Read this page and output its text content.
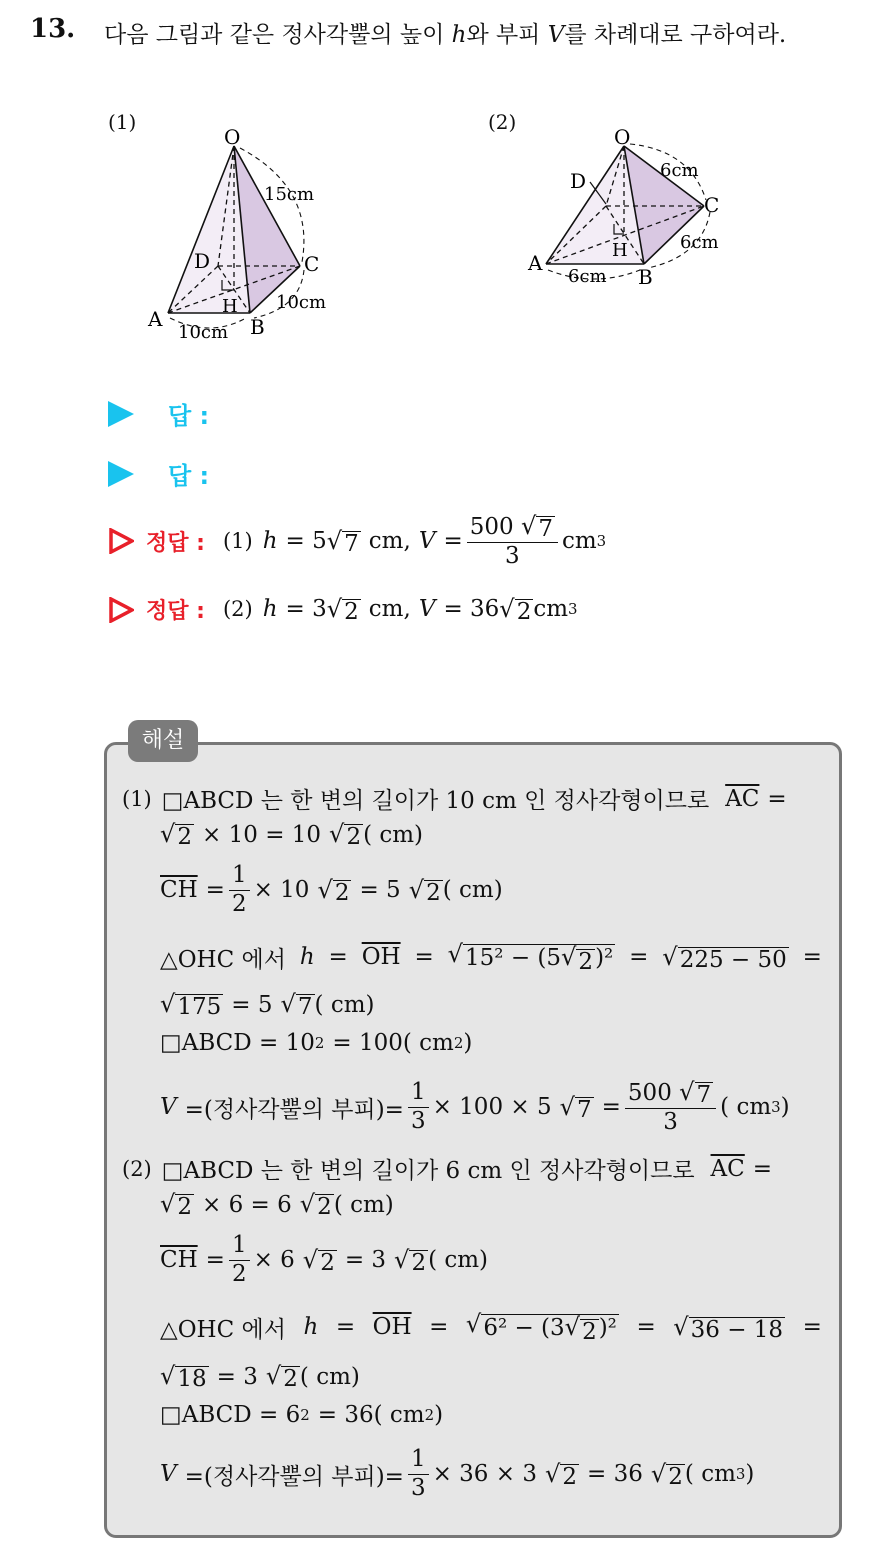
13. 다음 그림과 같은 정사각뿔의 높이 h와 부피 V를 차례대로 구하여라.
(1)
O
A	B
C
D
H
15cm
10cm
10cm
(2)
O
A
B
C
D
H
6cm
6cm
6cm
답 :
답 :
정답 : (1) h = 5 √ 7 cm, $V = \frac{500 √ 7}{3}$ cm 3
정답 : (2) h = 3 √ 2 cm, V = 36 √ 2 cm 3
해설
(1) □ABCD 는 한 변의 길이가 10 cm 인 정사각형이므로 $\overline{AC}$ =
√ 2 × 10 = 10 √ 2 ( cm)
$\overline{CH} = \frac{1}{2} \times 10$ √ 2 = 5 √ 2 ( cm)
△OHC 에서 $h = \overline{OH}$ = √ 15² − (5 √ 2 )² = √ 225 − 50 =
√ 175 = 5 √ 7 ( cm)
□ABCD = 10 2 = 100( cm 2 )
V =(정사각뿔의 부피)= $\frac{1}{3} \times 100 \times 5$ √ $7 = \frac{500 √ 7}{3}$ ( cm 3 )
(2) □ABCD 는 한 변의 길이가 6 cm 인 정사각형이므로 $\overline{AC}$ =
√ 2 × 6 = 6 √ 2 ( cm)
$\overline{CH} = \frac{1}{2} \times 6$ √ 2 = 3 √ 2 ( cm)
△OHC 에서 $h = \overline{OH}$ = √ 6² − (3 √ 2 )² = √ 36 − 18 =
√ 18 = 3 √ 2 ( cm)
□ABCD = 6 2 = 36( cm 2 )
V =(정사각뿔의 부피)= $\frac{1}{3} \times 36 \times 3$ √ 2 = 36 √ 2 ( cm 3 )
